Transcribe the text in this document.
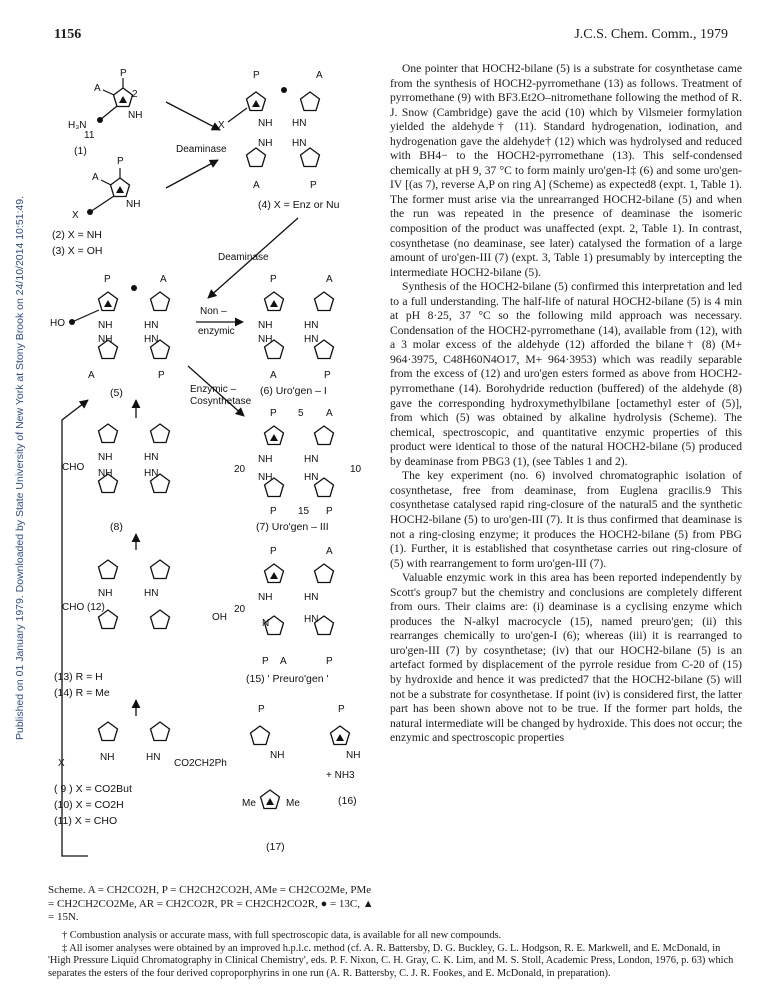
Published on 01 January 1979. Downloaded by State University of New York at Stony Brook on 24/10/2014 10:51:49.
1156	J.C.S. Chem. Comm., 1979
P
A
2
NH
H₃N
11
(1)
P
A
NH
X
(2) X = NH
(3) X = OH
Deaminase
X
P	A
NH HN
NH HN
A	P
(4) X = Enz or Nu
Deaminase
HO
P	A
NH	HN
NH	HN
A	P
(5)
Non –
enzymic
P	A
NH	HN
NH	HN
A	P
(6) Uro'gen – I
Enzymic –
Cosynthetase
P 5 A
NH	HN
20	10
NH	HN
P 15 P
(7) Uro'gen – III
NH	HN
CHO
NH	HN
(8)
NH	HN
CHO (12)
OH
(13) R = H
(14) R = Me
P	A
NH	HN
20
N	HN
P A	P
(15) ' Preuro'gen '
NH	HN
CO2CH2Ph
X
( 9 ) X = CO2But
(10) X = CO2H
(11) X = CHO
P	P
NH	NH
+ NH3
(16)
Me	Me
(17)
Scheme. A = CH2CO2H, P = CH2CH2CO2H, AMe = CH2CO2Me, PMe = CH2CH2CO2Me, AR = CH2CO2R, PR = CH2CH2CO2R, ● = 13C, ▲ = 15N.

One pointer that HOCH2-bilane (5) is a substrate for cosynthetase came from the synthesis of HOCH2-pyrromethane (13) as follows. Treatment of pyrromethane (9) with BF3.Et2O–nitromethane following the method of R. J. Snow (Cambridge) gave the acid (10) which by Vilsmeier formylation yielded the aldehyde† (11). Standard hydrogenation, iodination, and hydrogenation gave the aldehyde† (12) which was hydrolysed and reduced with BH4− to the HOCH2-pyrromethane (13). This self-condensed chemically at pH 9, 37 °C to form mainly uro'gen-I‡ (6) and some uro'gen-IV [(as 7), reverse A,P on ring A] (Scheme) as expected8 (expt. 1, Table 1). The former must arise via the unrearranged HOCH2-bilane (5) and when the run was repeated in the presence of deaminase the isomeric composition of the product was unaffected (expt. 2, Table 1). In contrast, cosynthetase (no deaminase, see later) catalysed the formation of a large amount of uro'gen-III (7) (expt. 3, Table 1) presumably by intercepting the intermediate HOCH2-bilane (5).

Synthesis of the HOCH2-bilane (5) confirmed this interpretation and led to a full understanding. The half-life of natural HOCH2-bilane (5) is 4 min at pH 8·25, 37 °C so the following mild approach was necessary. Condensation of the HOCH2-pyrromethane (14), available from (12), with a 3 molar excess of the aldehyde (12) afforded the bilane† (8) (M+ 964·3975, C48H60N4O17, M+ 964·3953) which was readily separable from the excess of (12) and uro'gen esters formed as above from HOCH2-pyrromethane (14). Borohydride reduction (buffered) of the aldehyde (8) gave the corresponding hydroxymethylbilane [octamethyl ester of (5)], from which (5) was obtained by alkaline hydrolysis (Scheme). The chemical, spectroscopic, and quantitative enzymic properties of this product were identical to those of the natural HOCH2-bilane (5) produced by deaminase from PBG3 (1), (see Tables 1 and 2).

The key experiment (no. 6) involved chromatographic isolation of cosynthetase, free from deaminase, from Euglena gracilis.9 This cosynthetase catalysed rapid ring-closure of the natural5 and the synthetic HOCH2-bilane (5) to uro'gen-III (7). It is thus confirmed that deaminase is not a ring-closing enzyme; it produces the HOCH2-bilane (5) from PBG (1). Further, it is established that cosynthetase carries out ring-closure of (5) with rearrangement to form uro'gen-III (7).

Valuable enzymic work in this area has been reported independently by Scott's group7 but the chemistry and conclusions are completely different from ours. Their claims are: (i) deaminase is a cyclising enzyme which produces the N-alkyl macrocycle (15), named preuro'gen; (ii) this rearranges chemically to uro'gen-I (6); whereas (iii) it is rearranged to uro'gen-III (7) by cosynthetase; (iv) that our HOCH2-bilane (5) is an artefact formed by displacement of the pyrrole residue from C-20 of (15) by hydroxide and hence it was predicted7 that the HOCH2-bilane (5) will not be a substrate for cosynthetase. If point (iv) is considered first, the latter part has been shown above not to be true. If the former part holds, the natural intermediate will be changed by hydroxide. This does not occur; the enzymic and spectroscopic properties

† Combustion analysis or accurate mass, with full spectroscopic data, is available for all new compounds.

‡ All isomer analyses were obtained by an improved h.p.l.c. method (cf. A. R. Battersby, D. G. Buckley, G. L. Hodgson, R. E. Markwell, and E. McDonald, in 'High Pressure Liquid Chromatography in Clinical Chemistry', eds. P. F. Nixon, C. H. Gray, C. K. Lim, and M. S. Stoll, Academic Press, London, 1976, p. 63) which separates the esters of the four derived coproporphyrins in one run (A. R. Battersby, C. J. R. Fookes, and E. McDonald, in preparation).
